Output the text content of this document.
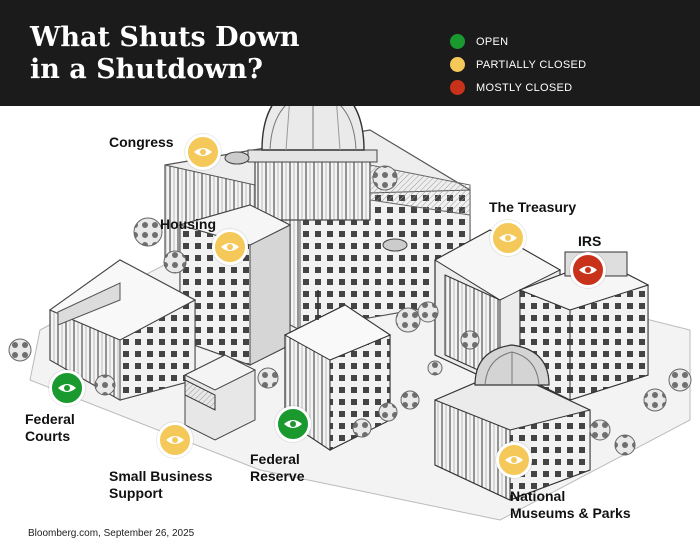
What Shuts Down
in a Shutdown?
OPEN
PARTIALLY CLOSED
MOSTLY CLOSED

Congress

Housing

The Treasury

IRS

Federal
Courts

Small Business
Support

Federal
Reserve

National
Museums & Parks

Bloomberg.com, September 26, 2025
